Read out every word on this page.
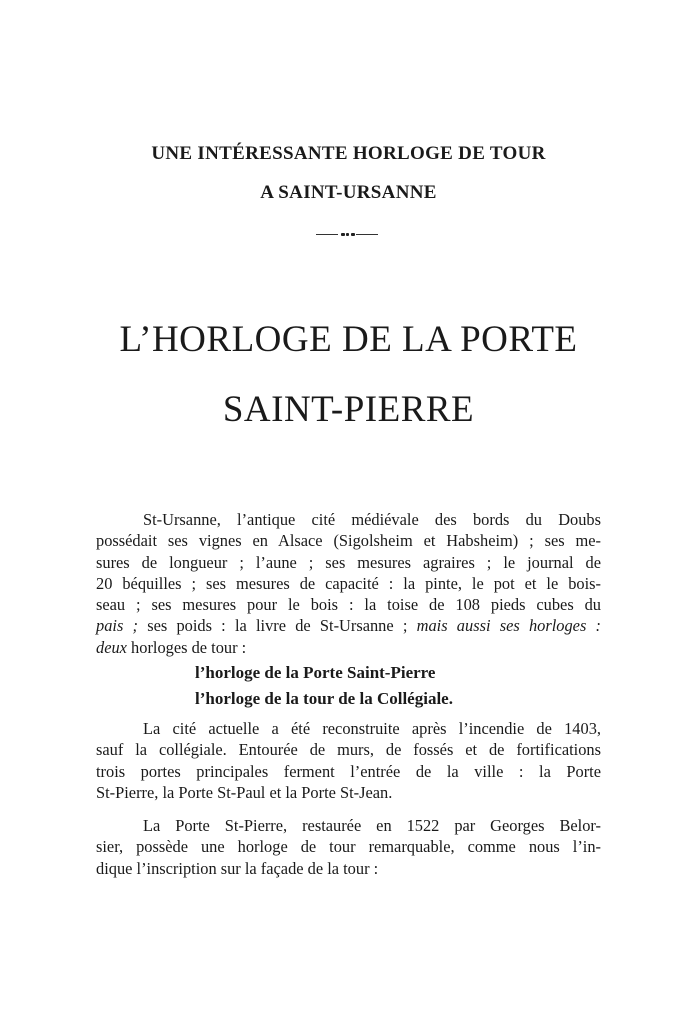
UNE INTÉRESSANTE HORLOGE DE TOUR
A SAINT-URSANNE
L’HORLOGE DE LA PORTE
SAINT-PIERRE
St-Ursanne, l’antique cité médiévale des bords du Doubs
possédait ses vignes en Alsace (Sigolsheim et Habsheim) ; ses me-
sures de longueur ; l’aune ; ses mesures agraires ; le journal de
20 béquilles ; ses mesures de capacité : la pinte, le pot et le bois-
seau ; ses mesures pour le bois : la toise de 108 pieds cubes du
pais ; ses poids : la livre de St-Ursanne ; mais aussi ses horloges :
deux horloges de tour :
l’horloge de la Porte Saint-Pierre
l’horloge de la tour de la Collégiale.
La cité actuelle a été reconstruite après l’incendie de 1403,
sauf la collégiale. Entourée de murs, de fossés et de fortifications
trois portes principales ferment l’entrée de la ville : la Porte
St-Pierre, la Porte St-Paul et la Porte St-Jean.
La Porte St-Pierre, restaurée en 1522 par Georges Belor-
sier, possède une horloge de tour remarquable, comme nous l’in-
dique l’inscription sur la façade de la tour :
